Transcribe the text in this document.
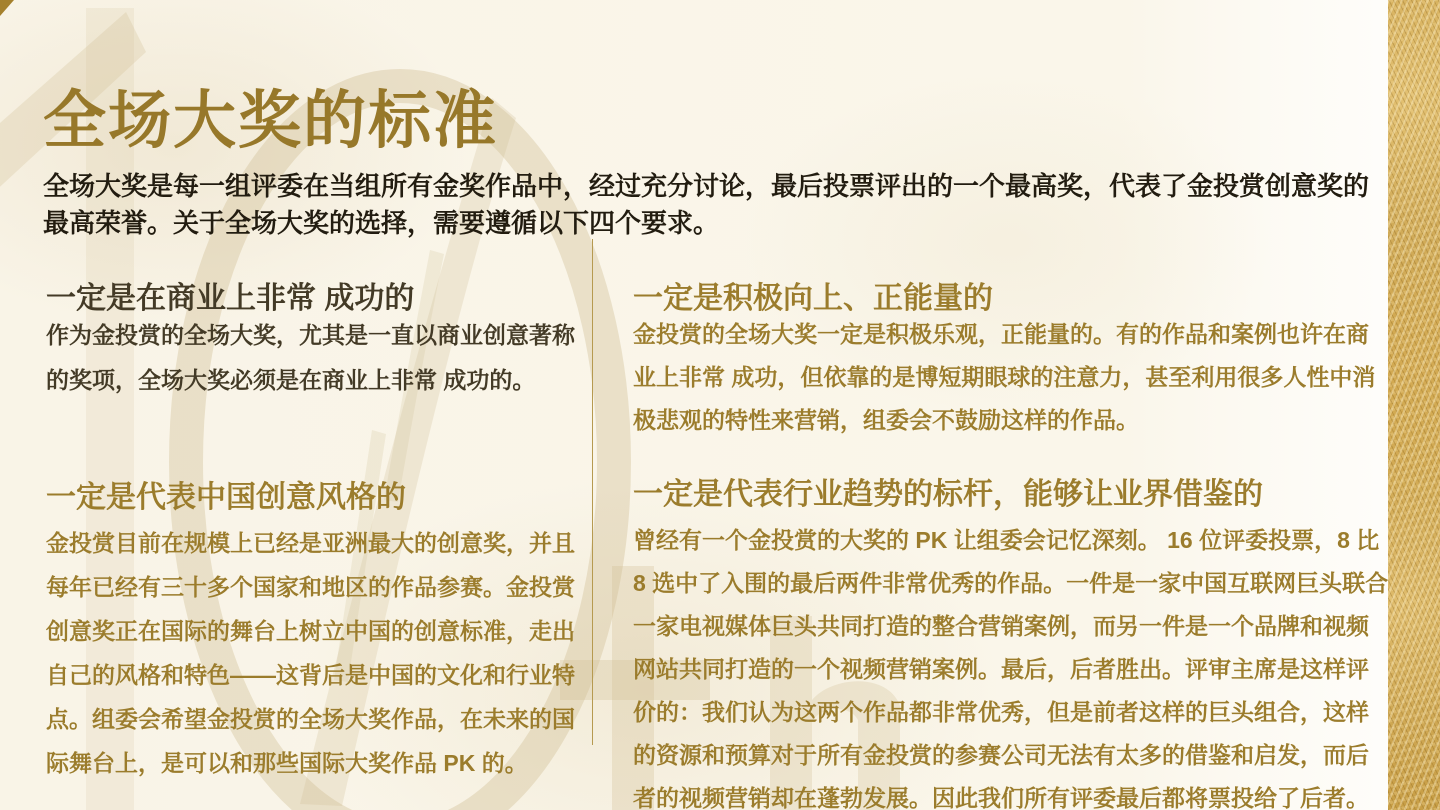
全场大奖的标准

全场大奖是每一组评委在当组所有金奖作品中，经过充分讨论，最后投票评出的一个最高奖，代表了金投赏创意奖的最高荣誉。关于全场大奖的选择，需要遵循以下四个要求。

一定是在商业上非常 成功的

作为金投赏的全场大奖，尤其是一直以商业创意著称的奖项，全场大奖必须是在商业上非常 成功的。

一定是积极向上、正能量的

金投赏的全场大奖一定是积极乐观，正能量的。有的作品和案例也许在商业上非常 成功，但依靠的是博短期眼球的注意力，甚至利用很多人性中消极悲观的特性来营销，组委会不鼓励这样的作品。

一定是代表中国创意风格的

金投赏目前在规模上已经是亚洲最大的创意奖，并且每年已经有三十多个国家和地区的作品参赛。金投赏创意奖正在国际的舞台上树立中国的创意标准，走出自己的风格和特色——这背后是中国的文化和行业特点。组委会希望金投赏的全场大奖作品，在未来的国际舞台上，是可以和那些国际大奖作品 PK 的。

一定是代表行业趋势的标杆，能够让业界借鉴的

曾经有一个金投赏的大奖的 PK 让组委会记忆深刻。 16 位评委投票，8 比 8 选中了入围的最后两件非常优秀的作品。一件是一家中国互联网巨头联合一家电视媒体巨头共同打造的整合营销案例，而另一件是一个品牌和视频网站共同打造的一个视频营销案例。最后，后者胜出。评审主席是这样评价的：我们认为这两个作品都非常优秀，但是前者这样的巨头组合，这样的资源和预算对于所有金投赏的参赛公司无法有太多的借鉴和启发，而后者的视频营销却在蓬勃发展。因此我们所有评委最后都将票投给了后者。
